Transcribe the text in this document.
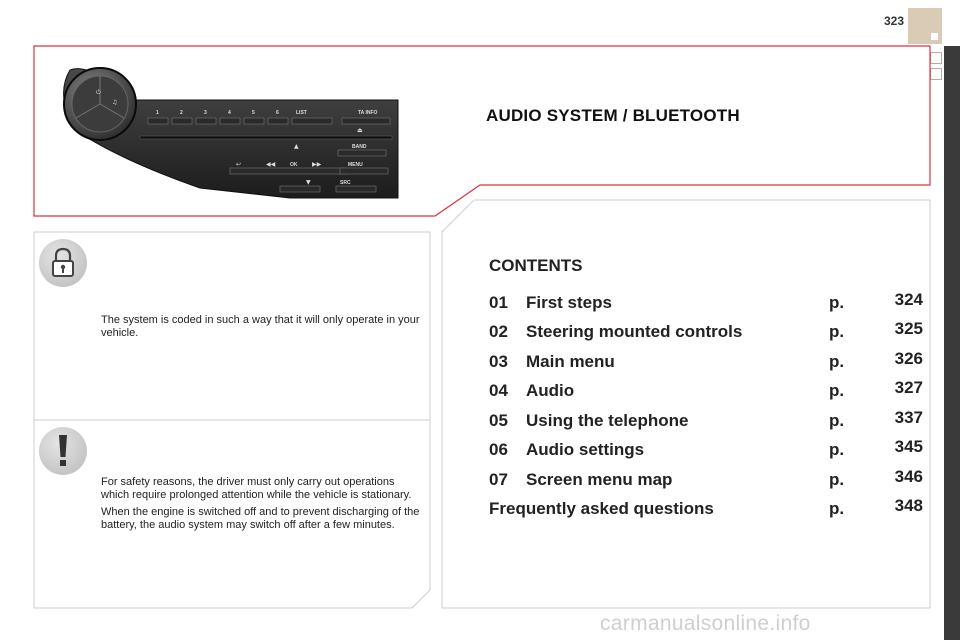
323
1	2	3	4	5	6	LIST	TA INFO
BAND
OK	MENU
SRC
⏻
♫
⏏
▲
↩	◀◀	▶▶
▼
AUDIO SYSTEM / BLUETOOTH

The system is coded in such a way that it will only operate in your vehicle.

For safety reasons, the driver must only carry out operations which require prolonged attention while the vehicle is stationary.

When the engine is switched off and to prevent discharging of the battery, the audio system may switch off after a few minutes.

CONTENTS
01 First steps	p.	324
02 Steering mounted controls	p.	325
03 Main menu	p.	326
04 Audio	p.	327
05 Using the telephone	p.	337
06 Audio settings	p.	345
07 Screen menu map	p.	346
Frequently asked questions	p.	348
carmanualsonline.info
